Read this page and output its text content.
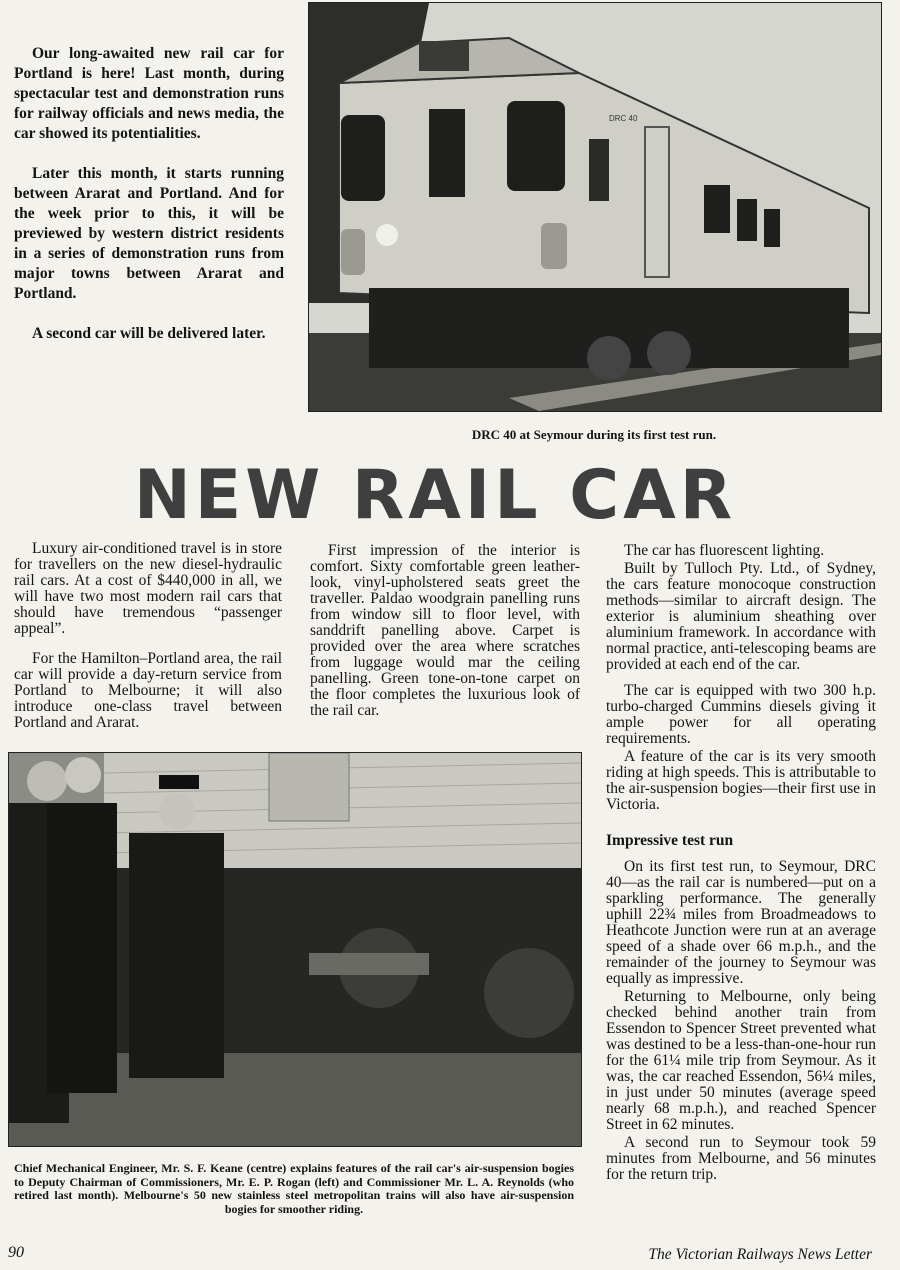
Our long-awaited new rail car for Portland is here! Last month, during spectacular test and demonstration runs for railway officials and news media, the car showed its potentialities.

Later this month, it starts running between Ararat and Portland. And for the week prior to this, it will be previewed by western district residents in a series of demonstration runs from major towns between Ararat and Portland.

A second car will be delivered later.

DRC 40
DRC 40 at Seymour during its first test run.
NEW RAIL CAR

Luxury air-conditioned travel is in store for travellers on the new diesel-hydraulic rail cars. At a cost of $440,000 in all, we will have two most modern rail cars that should have tremendous “passenger appeal”.

For the Hamilton–Portland area, the rail car will provide a day-return service from Portland to Melbourne; it will also introduce one-class travel between Portland and Ararat.

First impression of the interior is comfort. Sixty comfortable green leather-look, vinyl-upholstered seats greet the traveller. Paldao woodgrain panelling runs from window sill to floor level, with sanddrift panelling above. Carpet is provided over the area where scratches from luggage would mar the ceiling panelling. Green tone-on-tone carpet on the floor completes the luxurious look of the rail car.

The car has fluorescent lighting.

Built by Tulloch Pty. Ltd., of Sydney, the cars feature monocoque construction methods—similar to aircraft design. The exterior is aluminium sheathing over aluminium framework. In accordance with normal practice, anti-telescoping beams are provided at each end of the car.

The car is equipped with two 300 h.p. turbo-charged Cummins diesels giving it ample power for all operating requirements.

A feature of the car is its very smooth riding at high speeds. This is attributable to the air-suspension bogies—their first use in Victoria.

Impressive test run

On its first test run, to Seymour, DRC 40—as the rail car is numbered—put on a sparkling performance. The generally uphill 22¾ miles from Broadmeadows to Heathcote Junction were run at an average speed of a shade over 66 m.p.h., and the remainder of the journey to Seymour was equally as impressive.

Returning to Melbourne, only being checked behind another train from Essendon to Spencer Street prevented what was destined to be a less-than-one-hour run for the 61¼ mile trip from Seymour. As it was, the car reached Essendon, 56¼ miles, in just under 50 minutes (average speed nearly 68 m.p.h.), and reached Spencer Street in 62 minutes.

A second run to Seymour took 59 minutes from Melbourne, and 56 minutes for the return trip.

Chief Mechanical Engineer, Mr. S. F. Keane (centre) explains features of the rail car's air-suspension bogies to Deputy Chairman of Commissioners, Mr. E. P. Rogan (left) and Commissioner Mr. L. A. Reynolds (who retired last month). Melbourne's 50 new stainless steel metropolitan trains will also have air-suspension bogies for smoother riding.
90	The Victorian Railways News Letter
